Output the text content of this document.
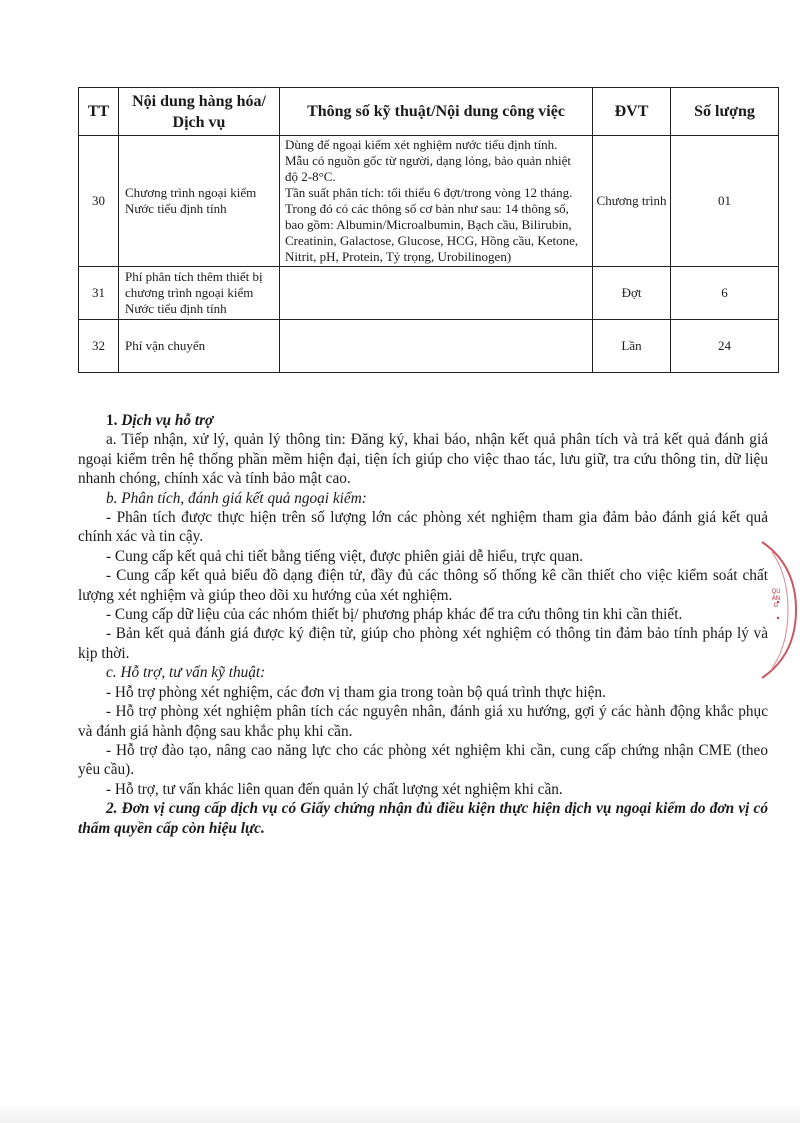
TT	Nội dung hàng hóa/ Dịch vụ	Thông số kỹ thuật/Nội dung công việc	ĐVT	Số lượng
30	Chương trình ngoại kiểm Nước tiểu định tính	Dùng để ngoại kiểm xét nghiệm nước tiểu định tính.
Mẫu có nguồn gốc từ người, dạng lỏng, bảo quản nhiệt độ 2-8°C.
Tần suất phân tích: tối thiểu 6 đợt/trong vòng 12 tháng.
Trong đó có các thông số cơ bản như sau: 14 thông số, bao gồm: Albumin/Microalbumin, Bạch cầu, Bilirubin, Creatinin, Galactose, Glucose, HCG, Hồng cầu, Ketone, Nitrit, pH, Protein, Tỷ trọng, Urobilinogen)	Chương trình	01
31	Phí phân tích thêm thiết bị chương trình ngoại kiểm Nước tiểu định tính		Đợt	6
32	Phí vận chuyển		Lần	24

1. Dịch vụ hỗ trợ

a. Tiếp nhận, xử lý, quản lý thông tin: Đăng ký, khai báo, nhận kết quả phân tích và trả kết quả đánh giá ngoại kiểm trên hệ thống phần mềm hiện đại, tiện ích giúp cho việc thao tác, lưu giữ, tra cứu thông tin, dữ liệu nhanh chóng, chính xác và tính bảo mật cao.

b. Phân tích, đánh giá kết quả ngoại kiểm:

- Phân tích được thực hiện trên số lượng lớn các phòng xét nghiệm tham gia đảm bảo đánh giá kết quả chính xác và tin cậy.

- Cung cấp kết quả chi tiết bằng tiếng việt, được phiên giải dễ hiểu, trực quan.

- Cung cấp kết quả biểu đồ dạng điện tử, đầy đủ các thông số thống kê cần thiết cho việc kiểm soát chất lượng xét nghiệm và giúp theo dõi xu hướng của xét nghiệm.

- Cung cấp dữ liệu của các nhóm thiết bị/ phương pháp khác để tra cứu thông tin khi cần thiết.

- Bản kết quả đánh giá được ký điện tử, giúp cho phòng xét nghiệm có thông tin đảm bảo tính pháp lý và kịp thời.

c. Hỗ trợ, tư vấn kỹ thuật:

- Hỗ trợ phòng xét nghiệm, các đơn vị tham gia trong toàn bộ quá trình thực hiện.

- Hỗ trợ phòng xét nghiệm phân tích các nguyên nhân, đánh giá xu hướng, gợi ý các hành động khắc phục và đánh giá hành động sau khắc phụ khi cần.

- Hỗ trợ đào tạo, nâng cao năng lực cho các phòng xét nghiệm khi cần, cung cấp chứng nhận CME (theo yêu cầu).

- Hỗ trợ, tư vấn khác liên quan đến quản lý chất lượng xét nghiệm khi cần.

2. Đơn vị cung cấp dịch vụ có Giấy chứng nhận đủ điều kiện thực hiện dịch vụ ngoại kiểm do đơn vị có thẩm quyền cấp còn hiệu lực.

QUẢNG
